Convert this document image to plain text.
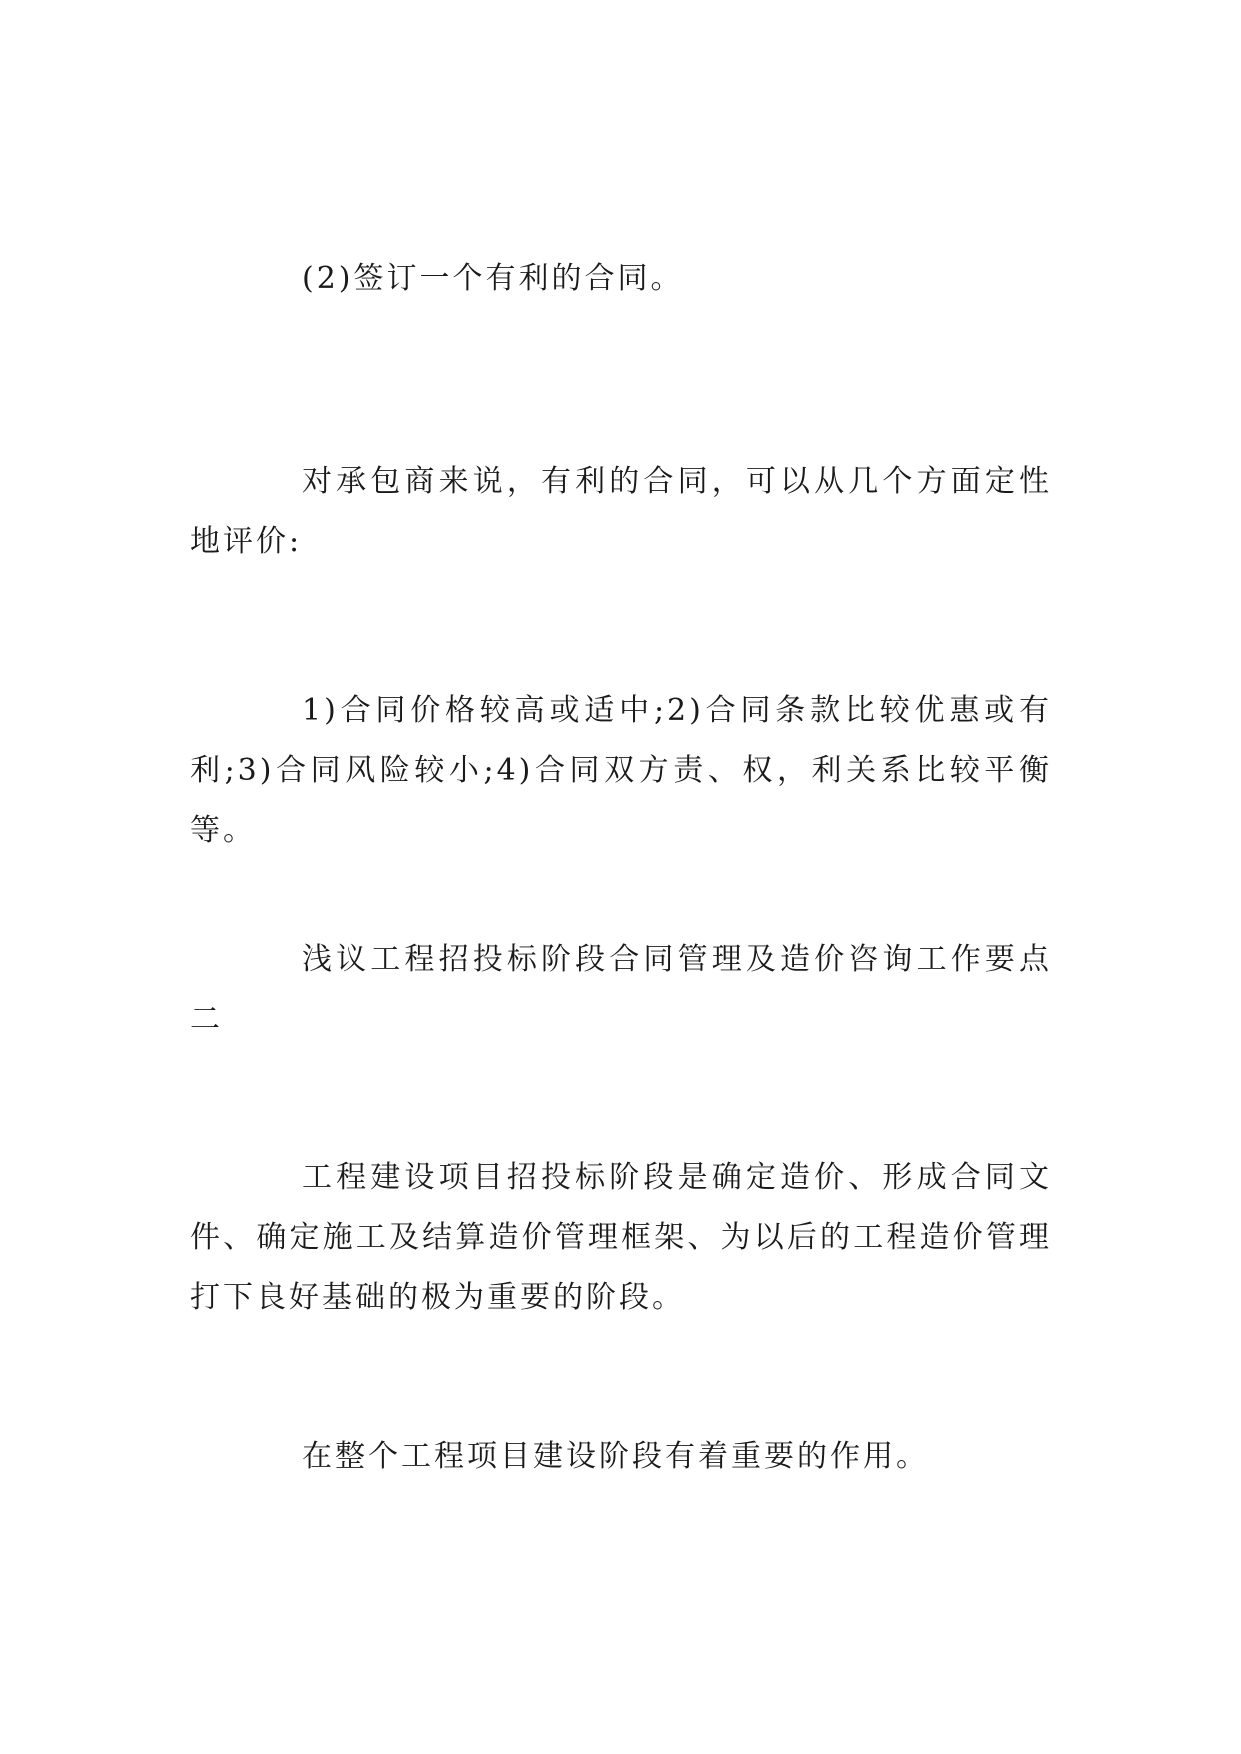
(2)签订一个有利的合同。

对承包商来说，有利的合同，可以从几个方面定性地评价:

1)合同价格较高或适中;2)合同条款比较优惠或有利;3)合同风险较小;4)合同双方责、权，利关系比较平衡等。

浅议工程招投标阶段合同管理及造价咨询工作要点二

工程建设项目招投标阶段是确定造价、形成合同文件、确定施工及结算造价管理框架、为以后的工程造价管理打下良好基础的极为重要的阶段。

在整个工程项目建设阶段有着重要的作用。
